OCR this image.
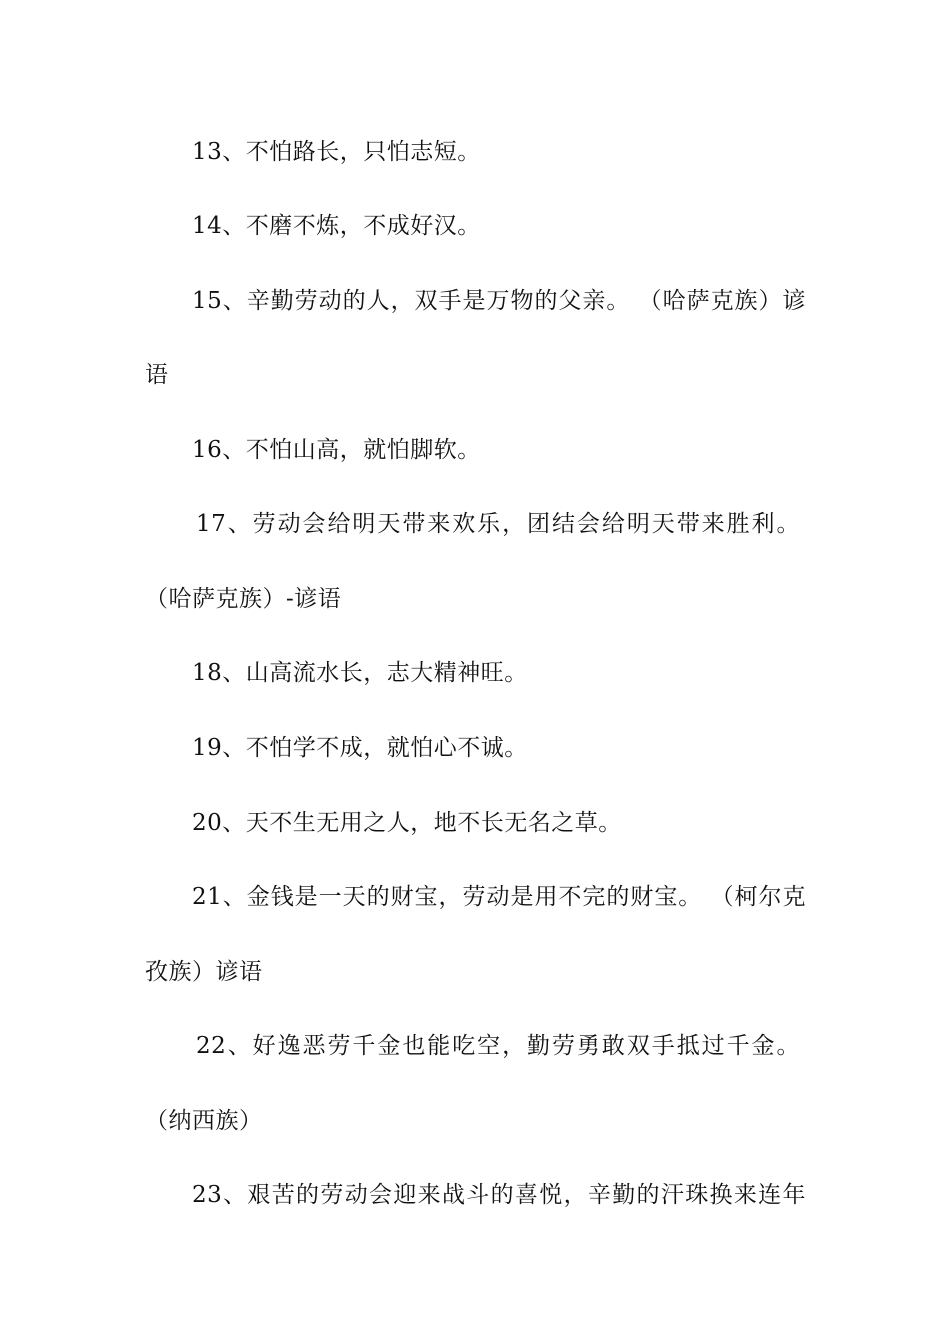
13、不怕路长，只怕志短。
14、不磨不炼，不成好汉。
15、辛勤劳动的人，双手是万物的父亲。 （哈萨克族）谚
语
16、不怕山高，就怕脚软。
17、劳动会给明天带来欢乐，团结会给明天带来胜利。
（哈萨克族）-谚语
18、山高流水长，志大精神旺。
19、不怕学不成，就怕心不诚。
20、天不生无用之人，地不长无名之草。
21、金钱是一天的财宝，劳动是用不完的财宝。 （柯尔克
孜族）谚语
22、好逸恶劳千金也能吃空，勤劳勇敢双手抵过千金。
（纳西族）
23、艰苦的劳动会迎来战斗的喜悦，辛勤的汗珠换来连年
